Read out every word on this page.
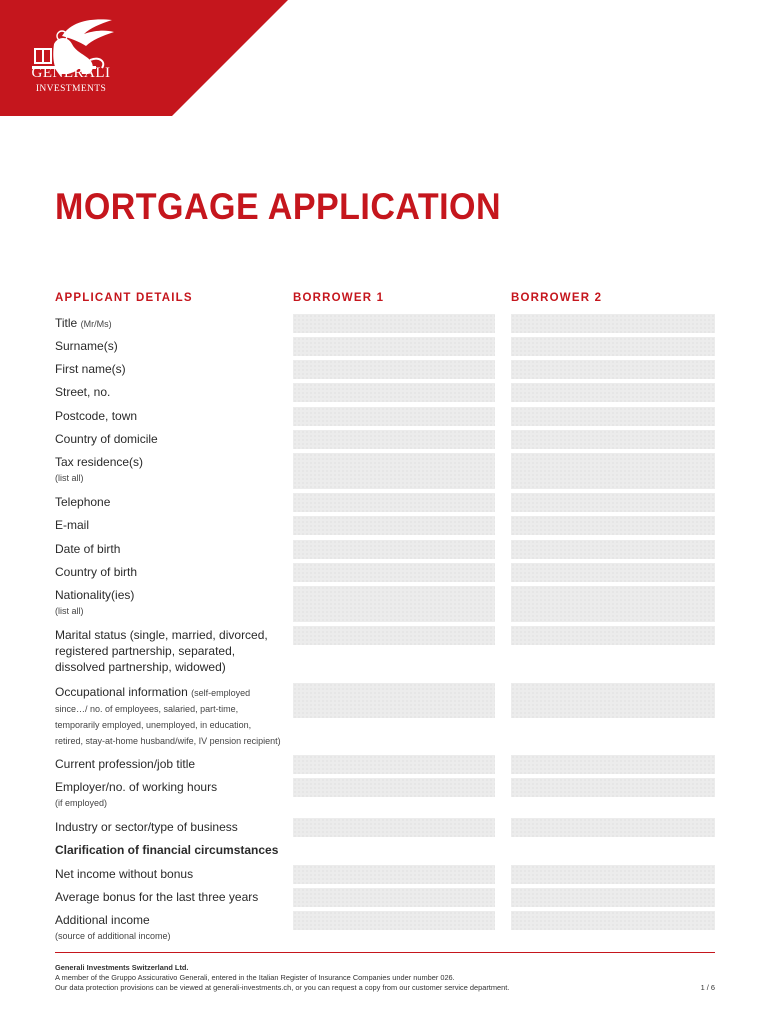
GENERALI
INVESTMENTS
MORTGAGE APPLICATION
APPLICANT DETAILS	BORROWER 1	BORROWER 2
Title (Mr/Ms)
Surname(s)
First name(s)
Street, no.
Postcode, town
Country of domicile
Tax residence(s)
(list all)
Telephone
E-mail
Date of birth
Country of birth
Nationality(ies)
(list all)
Marital status (single, married, divorced,
registered partnership, separated,
dissolved partnership, widowed)
Occupational information (self-employed
since…/ no. of employees, salaried, part-time,
temporarily employed, unemployed, in education,
retired, stay-at-home husband/wife, IV pension recipient)
Current profession/job title
Employer/no. of working hours
(if employed)
Industry or sector/type of business
Clarification of financial circumstances
Net income without bonus
Average bonus for the last three years
Additional income
(source of additional income)
Generali Investments Switzerland Ltd.
A member of the Gruppo Assicurativo Generali, entered in the Italian Register of Insurance Companies under number 026.
Our data protection provisions can be viewed at generali-investments.ch, or you can request a copy from our customer service department.	1 / 6
